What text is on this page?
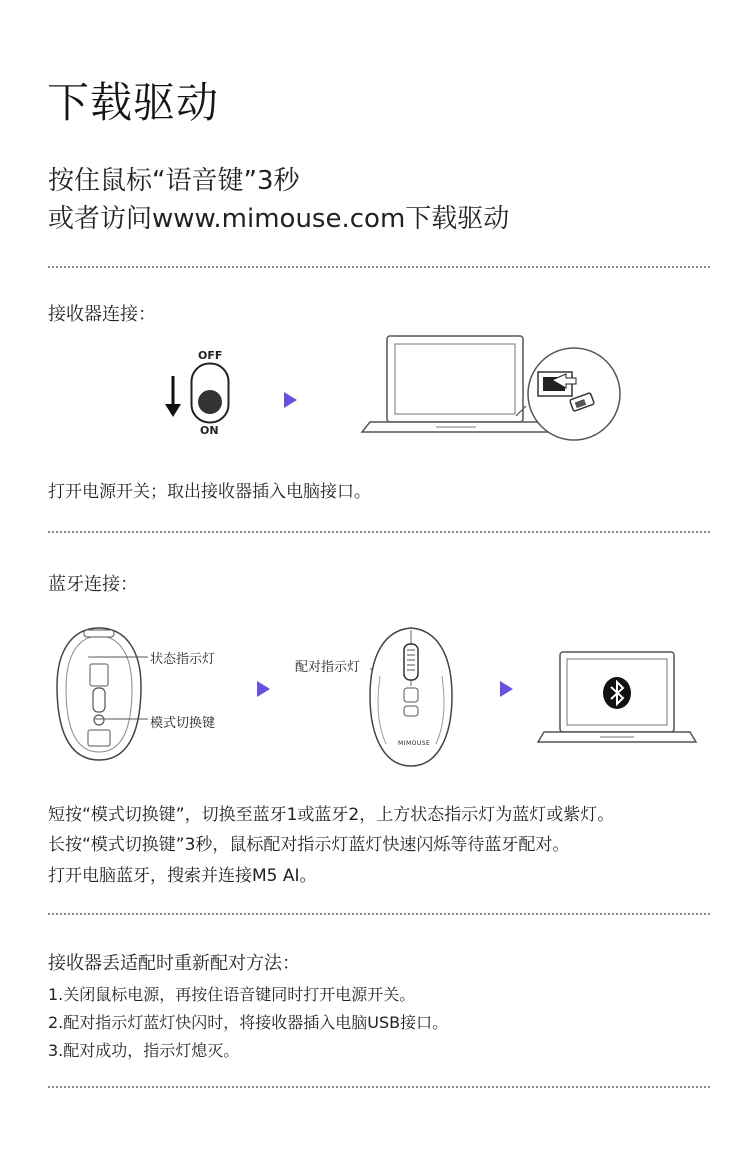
下载驱动
按住鼠标“语音键”3秒
或者访问www.mimouse.com下载驱动
接收器连接：
OFF
ON
打开电源开关；取出接收器插入电脑接口。
蓝牙连接：
状态指示灯
模式切换键
配对指示灯
MIMOUSE
短按“模式切换键”，切换至蓝牙1或蓝牙2，上方状态指示灯为蓝灯或紫灯。
长按“模式切换键”3秒，鼠标配对指示灯蓝灯快速闪烁等待蓝牙配对。
打开电脑蓝牙，搜索并连接M5 AI。
接收器丢适配时重新配对方法：
1.关闭鼠标电源，再按住语音键同时打开电源开关。
2.配对指示灯蓝灯快闪时，将接收器插入电脑USB接口。
3.配对成功，指示灯熄灭。
